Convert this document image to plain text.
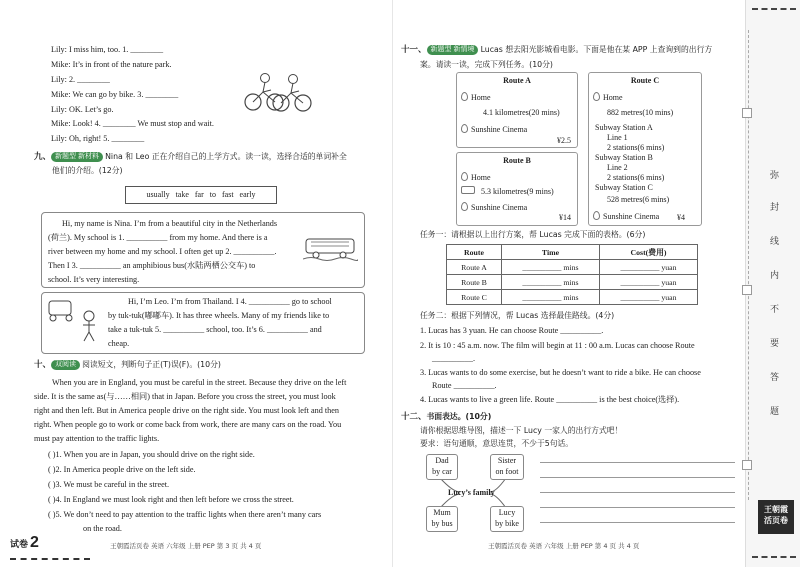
Lily: I miss him, too. 1. ________
Mike: It’s in front of the nature park.
Lily: 2. ________
Mike: We can go by bike. 3. ________
Lily: OK. Let’s go.
Mike: Look! 4. ________ We must stop and wait.
Lily: Oh, right! 5. ________
九、 新题型 新材料 Nina 和 Leo 正在介绍自己的上学方式。读一读，选择合适的单词补全
他们的介绍。(12分)
usually   take   far   to   fast   early
Hi, my name is Nina. I’m from a beautiful city in the Netherlands
(荷兰). My school is 1. __________ from my home. And there is a
river between my home and my school. I often get up 2. __________.
Then I 3. __________ an amphibious bus(水陆两栖公交车) to
school. It’s very interesting.
Hi, I’m Leo. I’m from Thailand. I 4. __________ go to school
by tuk-tuk(嘟嘟车). It has three wheels. Many of my friends like to
take a tuk-tuk 5. __________ school, too. It’s 6. __________ and
cheap.
十、 双阅读 阅读短文，判断句子正(T)误(F)。(10分)
When you are in England, you must be careful in the street. Because they drive on the left
side. It is the same as(与……相同) that in Japan. Before you cross the street, you must look
right and then left. But in America people drive on the right side. You must look left and then
right. When people go to work or come back from work, there are many cars on the road. You
must pay attention to the traffic lights.
( )1. When you are in Japan, you should drive on the right side.
( )2. In America people drive on the left side.
( )3. We must be careful in the street.
( )4. In England we must look right and then left before we cross the street.
( )5. We don’t need to pay attention to the traffic lights when there aren’t many cars
on the road.
试卷 2	王朝霞活页卷 英语 六年级 上册 PEP 第 3 页 共 4 页
十一、 新题型 新情境 Lucas 想去阳光影城看电影。下面是他在某 APP 上查询到的出行方
案。请读一读，完成下列任务。(10分)
Route A
Home
4.1 kilometres(20 mins)
Sunshine Cinema
¥2.5
Route B
Home
5.3 kilometres(9 mins)
Sunshine Cinema
¥14
Route C
Home
882 metres(10 mins)
Subway Station A
Line 1
2 stations(6 mins)
Subway Station B
Line 2
2 stations(6 mins)
Subway Station C
528 metres(6 mins)
Sunshine Cinema ¥4
任务一：请根据以上出行方案，帮 Lucas 完成下面的表格。(6分)
Route	Time	Cost(费用)
Route A	__________ mins	__________ yuan
Route B	__________ mins	__________ yuan
Route C	__________ mins	__________ yuan
任务二：根据下列情况，帮 Lucas 选择最佳路线。(4分)
1. Lucas has 3 yuan. He can choose Route __________.
2. It is 10 : 45 a.m. now. The film will begin at 11 : 00 a.m. Lucas can choose Route
__________.
3. Lucas wants to do some exercise, but he doesn’t want to ride a bike. He can choose
Route __________.
4. Lucas wants to live a green life. Route __________ is the best choice(选择).
十二、书面表达。(10分)
请你根据思维导图，描述一下 Lucy 一家人的出行方式吧！
要求：语句通顺，意思连贯，不少于5句话。
Dad
by car
Sister
on foot
Lucy’s family
Mum
by bus
Lucy
by bike
王朝霞活页卷 英语 六年级 上册 PEP 第 4 页 共 4 页
弥
封
线
内
不
要
答
题
王朝霞
活页卷
